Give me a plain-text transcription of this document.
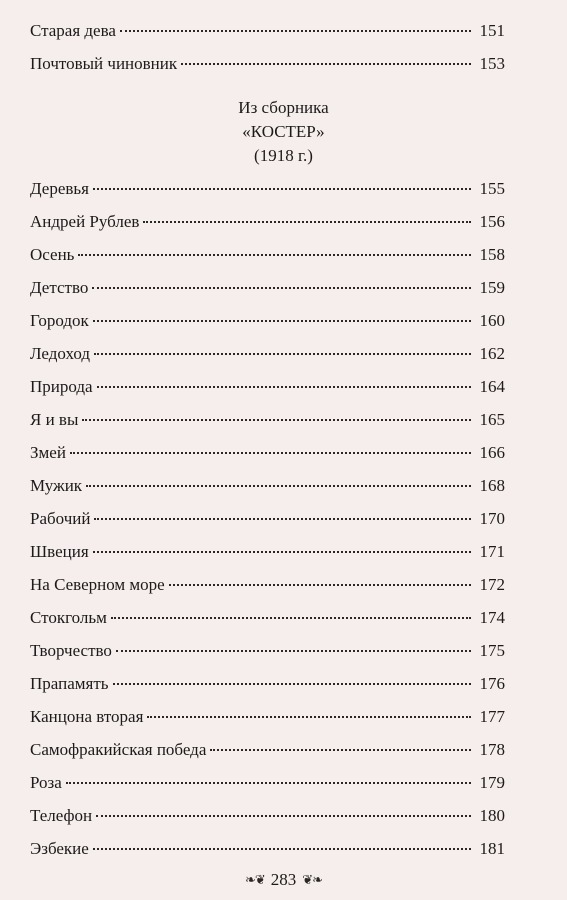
Старая дева	151
Почтовый чиновник	153
Из сборника
«КОСТЕР»
(1918 г.)
Деревья	155
Андрей Рублев	156
Осень	158
Детство	159
Городок	160
Ледоход	162
Природа	164
Я и вы	165
Змей	166
Мужик	168
Рабочий	170
Швеция	171
На Северном море	172
Стокгольм	174
Творчество	175
Прапамять	176
Канцона вторая	177
Самофракийская победа	178
Роза	179
Телефон	180
Эзбекие	181
❧❦ 283 ❦❧
